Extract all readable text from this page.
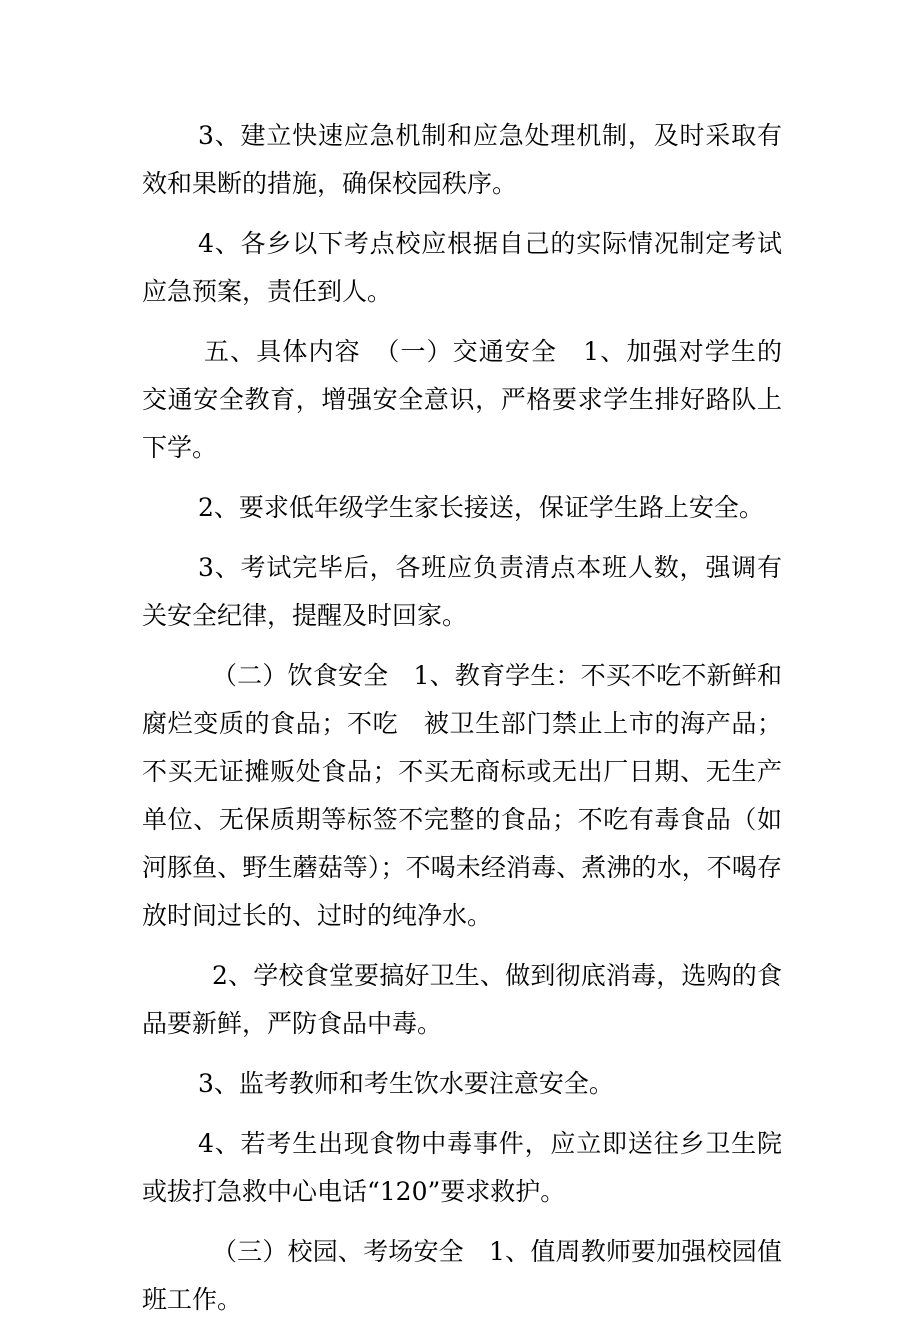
3、建立快速应急机制和应急处理机制，及时采取有效和果断的措施，确保校园秩序。

4、各乡以下考点校应根据自己的实际情况制定考试应急预案，责任到人。

五、具体内容　（一）交通安全　1、加强对学生的交通安全教育，增强安全意识，严格要求学生排好路队上下学。

2、要求低年级学生家长接送，保证学生路上安全。

3、考试完毕后，各班应负责清点本班人数，强调有关安全纪律，提醒及时回家。

（二）饮食安全　1、教育学生：不买不吃不新鲜和腐烂变质的食品；不吃　被卫生部门禁止上市的海产品；不买无证摊贩处食品；不买无商标或无出厂日期、无生产单位、无保质期等标签不完整的食品；不吃有毒食品（如河豚鱼、野生蘑菇等）；不喝未经消毒、煮沸的水，不喝存放时间过长的、过时的纯净水。

2、学校食堂要搞好卫生、做到彻底消毒，选购的食品要新鲜，严防食品中毒。

3、监考教师和考生饮水要注意安全。

4、若考生出现食物中毒事件，应立即送往乡卫生院或拔打急救中心电话“120”要求救护。

（三）校园、考场安全　1、值周教师要加强校园值班工作。
